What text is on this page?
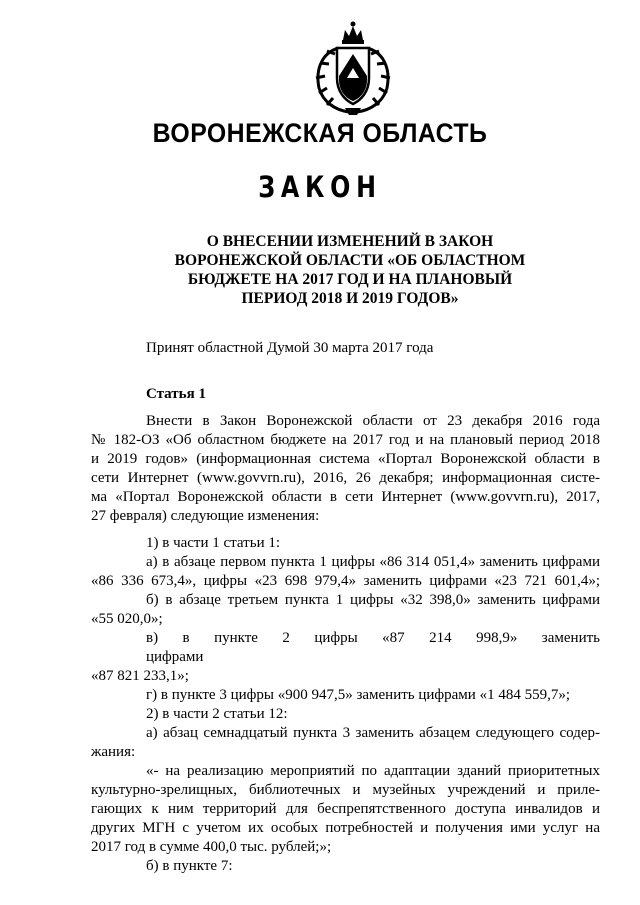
ВОРОНЕЖСКАЯ ОБЛАСТЬ
ЗАКОН
О ВНЕСЕНИИ ИЗМЕНЕНИЙ В ЗАКОН
ВОРОНЕЖСКОЙ ОБЛАСТИ «ОБ ОБЛАСТНОМ
БЮДЖЕТЕ НА 2017 ГОД И НА ПЛАНОВЫЙ
ПЕРИОД 2018 И 2019 ГОДОВ»
Принят областной Думой 30 марта 2017 года
Статья 1
Внести в Закон Воронежской области от 23 декабря 2016 года
№ 182-ОЗ «Об областном бюджете на 2017 год и на плановый период 2018
и 2019 годов» (информационная система «Портал Воронежской области в
сети Интернет (www.govvrn.ru), 2016, 26 декабря; информационная систе-
ма «Портал Воронежской области в сети Интернет (www.govvrn.ru), 2017,
27 февраля) следующие изменения:
1) в части 1 статьи 1:
а) в абзаце первом пункта 1 цифры «86 314 051,4» заменить цифрами
«86 336 673,4», цифры «23 698 979,4» заменить цифрами «23 721 601,4»;
б) в абзаце третьем пункта 1 цифры «32 398,0» заменить цифрами
«55 020,0»;
в) в пункте 2 цифры «87 214 998,9» заменить цифрами
«87 821 233,1»;
г) в пункте 3 цифры «900 947,5» заменить цифрами «1 484 559,7»;
2) в части 2 статьи 12:
а) абзац семнадцатый пункта 3 заменить абзацем следующего содер-
жания:
«- на реализацию мероприятий по адаптации зданий приоритетных
культурно-зрелищных, библиотечных и музейных учреждений и приле-
гающих к ним территорий для беспрепятственного доступа инвалидов и
других МГН с учетом их особых потребностей и получения ими услуг на
2017 год в сумме 400,0 тыс. рублей;»;
б) в пункте 7:
